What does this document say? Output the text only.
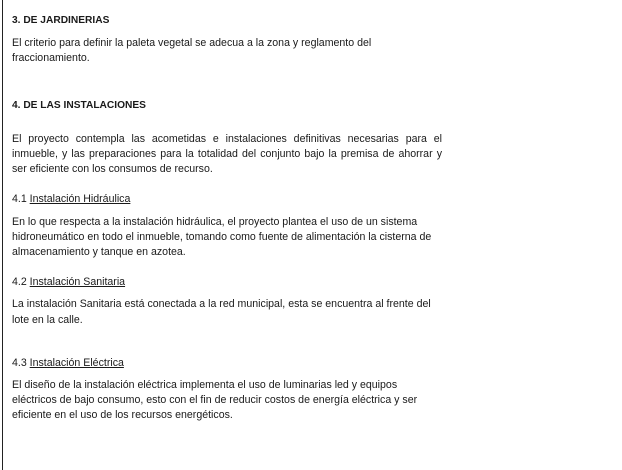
3. DE JARDINERIAS

El criterio para definir la paleta vegetal se adecua a la zona y reglamento del fraccionamiento.

4. DE LAS INSTALACIONES

El proyecto contempla las acometidas e instalaciones definitivas necesarias para el inmueble, y las preparaciones para la totalidad del conjunto bajo la premisa de ahorrar y ser eficiente con los consumos de recurso.

4.1 Instalación Hidráulica

En lo que respecta a la instalación hidráulica, el proyecto plantea el uso de un sistema hidroneumático en todo el inmueble, tomando como fuente de alimentación la cisterna de almacenamiento y tanque en azotea.

4.2 Instalación Sanitaria

La instalación Sanitaria está conectada a la red municipal, esta se encuentra al frente del lote en la calle.

4.3 Instalación Eléctrica

El diseño de la instalación eléctrica implementa el uso de luminarias led y equipos eléctricos de bajo consumo, esto con el fin de reducir costos de energía eléctrica y ser eficiente en el uso de los recursos energéticos.
